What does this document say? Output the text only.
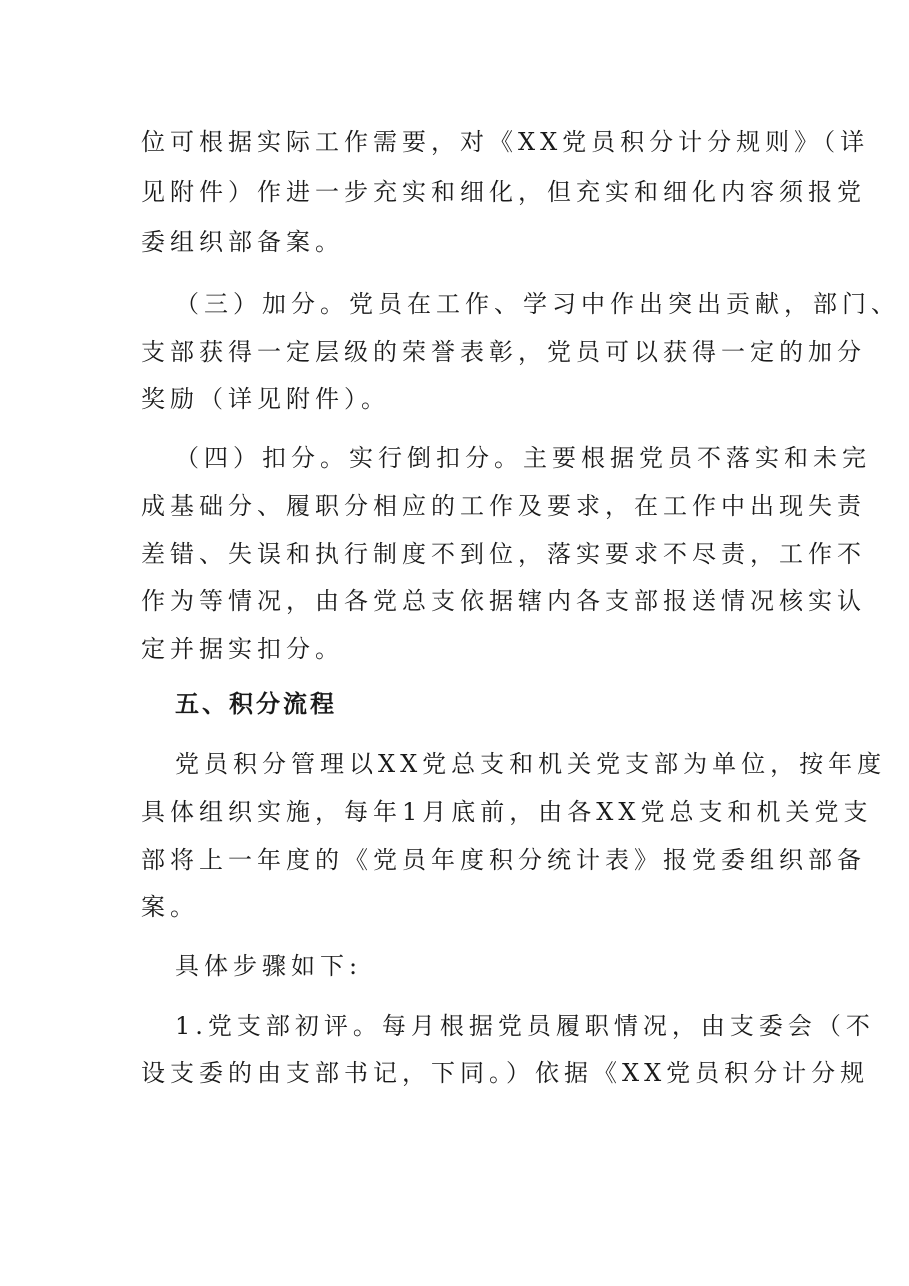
位可根据实际工作需要，对《XX党员积分计分规则》（详
见附件）作进一步充实和细化，但充实和细化内容须报党
委组织部备案。
（三）加分。党员在工作、学习中作出突出贡献，部门、
支部获得一定层级的荣誉表彰，党员可以获得一定的加分
奖励（详见附件）。
（四）扣分。实行倒扣分。主要根据党员不落实和未完
成基础分、履职分相应的工作及要求，在工作中出现失责
差错、失误和执行制度不到位，落实要求不尽责，工作不
作为等情况，由各党总支依据辖内各支部报送情况核实认
定并据实扣分。
五、积分流程
党员积分管理以XX党总支和机关党支部为单位，按年度
具体组织实施，每年1月底前，由各XX党总支和机关党支
部将上一年度的《党员年度积分统计表》报党委组织部备
案。
具体步骤如下:
1.党支部初评。每月根据党员履职情况，由支委会（不
设支委的由支部书记，下同。）依据《XX党员积分计分规
